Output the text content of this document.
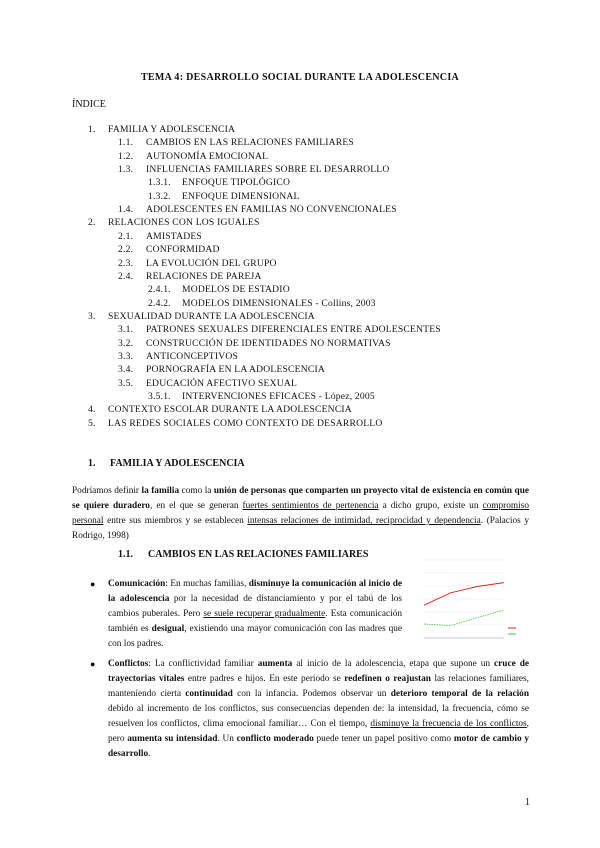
TEMA 4: DESARROLLO SOCIAL DURANTE LA ADOLESCENCIA
ÍNDICE
1. FAMILIA Y ADOLESCENCIA
1.1. CAMBIOS EN LAS RELACIONES FAMILIARES
1.2. AUTONOMÍA EMOCIONAL
1.3. INFLUENCIAS FAMILIARES SOBRE EL DESARROLLO
1.3.1. ENFOQUE TIPOLÓGICO
1.3.2. ENFOQUE DIMENSIONAL
1.4. ADOLESCENTES EN FAMILIAS NO CONVENCIONALES
2. RELACIONES CON LOS IGUALES
2.1. AMISTADES
2.2. CONFORMIDAD
2.3. LA EVOLUCIÓN DEL GRUPO
2.4. RELACIONES DE PAREJA
2.4.1. MODELOS DE ESTADIO
2.4.2. MODELOS DIMENSIONALES - Collins, 2003
3. SEXUALIDAD DURANTE LA ADOLESCENCIA
3.1. PATRONES SEXUALES DIFERENCIALES ENTRE ADOLESCENTES
3.2. CONSTRUCCIÓN DE IDENTIDADES NO NORMATIVAS
3.3. ANTICONCEPTIVOS
3.4. PORNOGRAFÍA EN LA ADOLESCENCIA
3.5. EDUCACIÓN AFECTIVO SEXUAL
3.5.1. INTERVENCIONES EFICACES - López, 2005
4. CONTEXTO ESCOLAR DURANTE LA ADOLESCENCIA
5. LAS REDES SOCIALES COMO CONTEXTO DE DESARROLLO
1. FAMILIA Y ADOLESCENCIA
Podríamos definir la familia como la unión de personas que comparten un proyecto vital de existencia en común que se quiere duradero, en el que se generan fuertes sentimientos de pertenencia a dicho grupo, existe un compromiso personal entre sus miembros y se establecen intensas relaciones de intimidad, reciprocidad y dependencia. (Palacios y Rodrigo, 1998)
1.1. CAMBIOS EN LAS RELACIONES FAMILIARES
● Comunicación: En muchas familias, disminuye la comunicación al inicio de la adolescencia por la necesidad de distanciamiento y por el tabú de los cambios puberales. Pero se suele recuperar gradualmente. Esta comunicación también es desigual, existiendo una mayor comunicación con las madres que con los padres.
● Conflictos: La conflictividad familiar aumenta al inicio de la adolescencia, etapa que supone un cruce de trayectorias vitales entre padres e hijos. En este periodo se redefinen o reajustan las relaciones familiares, manteniendo cierta continuidad con la infancia. Podemos observar un deterioro temporal de la relación debido al incremento de los conflictos, sus consecuencias dependen de: la intensidad, la frecuencia, cómo se resuelven los conflictos, clima emocional familiar… Con el tiempo, disminuye la frecuencia de los conflictos, pero aumenta su intensidad. Un conflicto moderado puede tener un papel positivo como motor de cambio y desarrollo.
1
